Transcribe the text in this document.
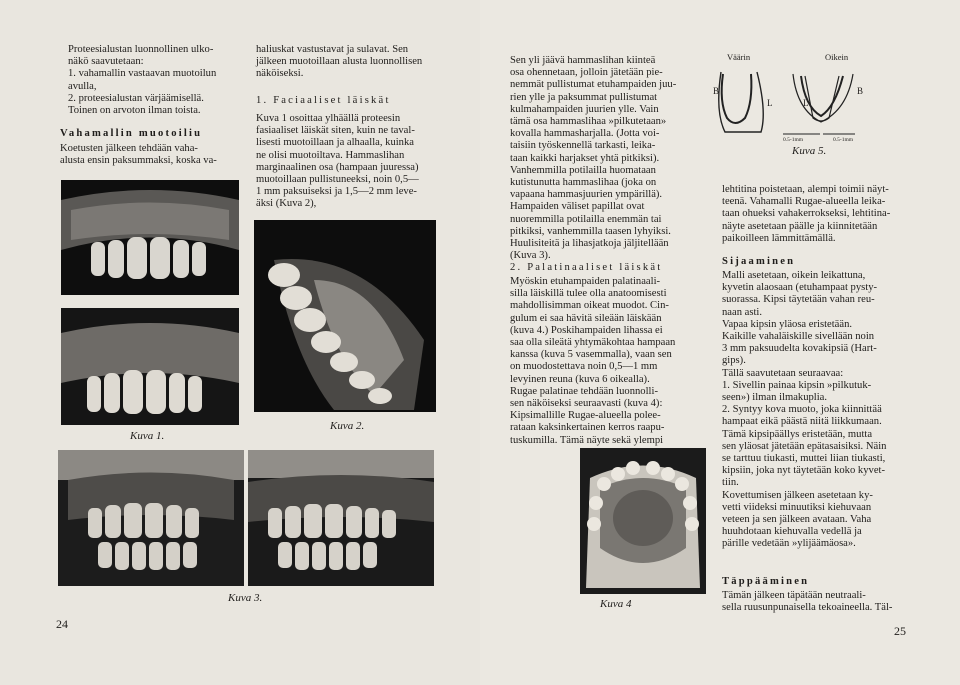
Proteesialustan luonnollinen ulko-
näkö saavutetaan:
1. vahamallin vastaavan muotoilun
avulla,
2. proteesialustan värjäämisellä.
Toinen on arvoton ilman toista.
Vahamallin muotoiliu
Koetusten jälkeen tehdään vaha-
alusta ensin paksummaksi, koska va-
haliuskat vastustavat ja sulavat. Sen
jälkeen muotoillaan alusta luonnollisen
näköiseksi.
1. Faciaaliset läiskät
Kuva 1 osoittaa ylhäällä proteesin
fasiaaliset läiskät siten, kuin ne taval-
lisesti muotoillaan ja alhaalla, kuinka
ne olisi muotoiltava. Hammaslihan
marginaalinen osa (hampaan juuressa)
muotoillaan pullistuneeksi, noin 0,5—
1 mm paksuiseksi ja 1,5—2 mm leve-
äksi (Kuva 2),
Kuva 1.
Kuva 2.
Kuva 3.
24
Sen yli jäävä hammaslihan kiinteä
osa ohennetaan, jolloin jätetään pie-
nemmät pullistumat etuhampaiden juu-
rien ylle ja paksummat pullistumat
kulmahampaiden juurien ylle. Vain
tämä osa hammaslihaa »pilkutetaan»
kovalla hammasharjalla. (Jotta voi-
taisiin työskennellä tarkasti, leika-
taan kaikki harjakset yhtä pitkiksi).
Vanhemmilla potilailla huomataan
kutistunutta hammaslihaa (joka on
vapaana hammasjuurien ympärillä).
Hampaiden väliset papillat ovat
nuoremmilla potilailla enemmän tai
pitkiksi, vanhemmilla taasen lyhyiksi.
Huulisiteitä ja lihasjatkoja jäljitellään
(Kuva 3).
2. Palatinaaliset läiskät
Myöskin etuhampaiden palatinaali-
silla läiskillä tulee olla anatoomisesti
mahdollisimman oikeat muodot. Cin-
gulum ei saa hävitä sileään läiskään
(kuva 4.) Poskihampaiden lihassa ei
saa olla sileätä yhtymäkohtaa hampaan
kanssa (kuva 5 vasemmalla), vaan sen
on muodostettava noin 0,5—1 mm
levyinen reuna (kuva 6 oikealla).
Rugae palatinae tehdään luonnolli-
sen näköiseksi seuraavasti (kuva 4):
Kipsimallille Rugae-alueella polee-
rataan kaksinkertainen kerros raapu-
tuskumilla. Tämä näyte sekä ylempi
Väärin	Oikein
B
L	L
B
0.5-1mm	0.5-1mm
Kuva 5.
lehtitina poistetaan, alempi toimii näyt-
teenä. Vahamalli Rugae-alueella leika-
taan ohueksi vahakerrokseksi, lehtitina-
näyte asetetaan päälle ja kiinnitetään
paikoilleen lämmittämällä.
Sijaaminen
Malli asetetaan, oikein leikattuna,
kyvetin alaosaan (etuhampaat pysty-
suorassa. Kipsi täytetään vahan reu-
naan asti.
Vapaa kipsin yläosa eristetään.
Kaikille vahaläiskille sivellään noin
3 mm paksuudelta kovakipsiä (Hart-
gips).
Tällä saavutetaan seuraavaa:
1. Sivellin painaa kipsin »pilkutuk-
seen») ilman ilmakuplia.
2. Syntyy kova muoto, joka kiinnittää
hampaat eikä päästä niitä liikkumaan.
Tämä kipsipäällys eristetään, mutta
sen yläosat jätetään epätasaisiksi. Näin
se tarttuu tiukasti, muttei liian tiukasti,
kipsiin, joka nyt täytetään koko kyvet-
tiin.
Kovettumisen jälkeen asetetaan ky-
vetti viideksi minuutiksi kiehuvaan
veteen ja sen jälkeen avataan. Vaha
huuhdotaan kiehuvalla vedellä ja
pärille vedetään »ylijäämäosa».
Täppääminen
Tämän jälkeen täpätään neutraali-
sella ruusunpunaisella tekoaineella. Täl-
Kuva 4
25
